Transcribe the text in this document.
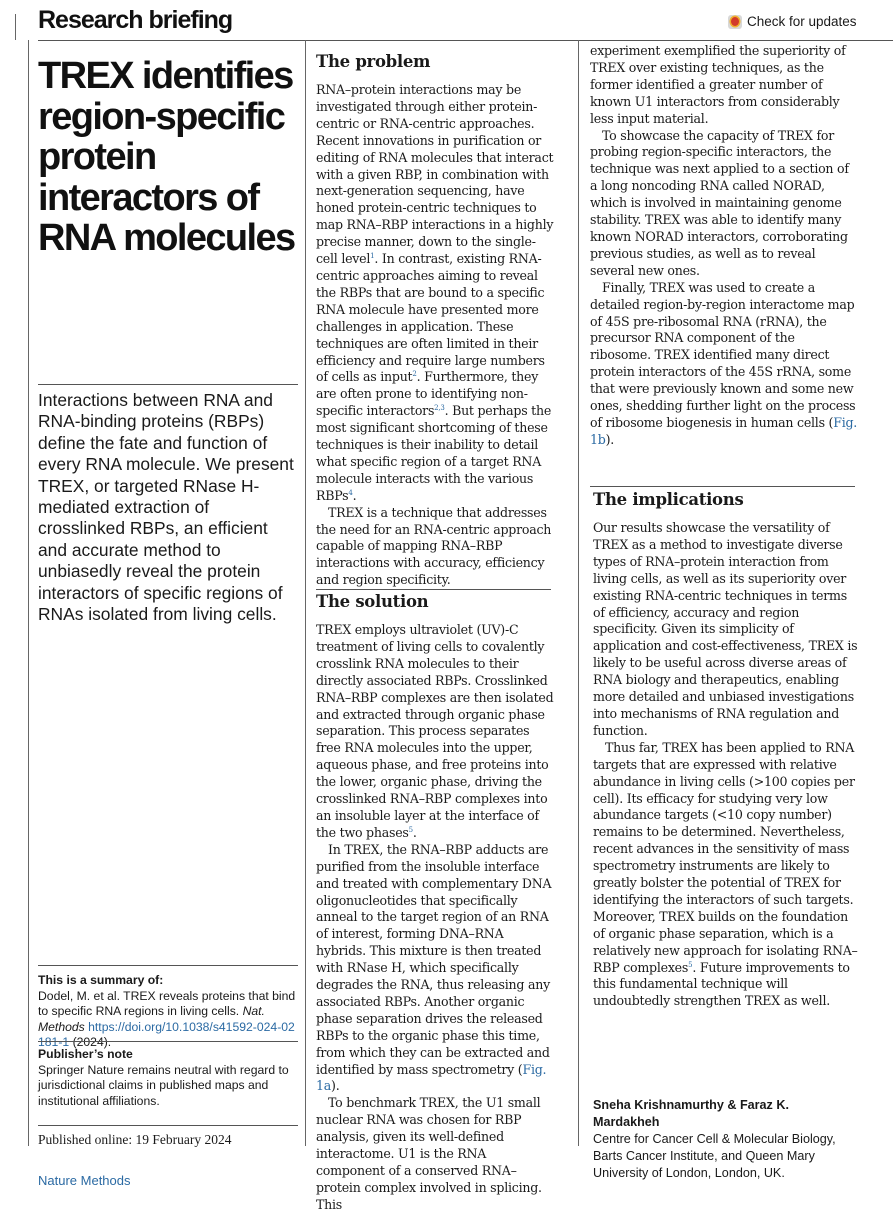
Research briefing	Check for updates
TREX identifies region-specific protein interactors of RNA molecules

Interactions between RNA and RNA-binding proteins (RBPs) define the fate and function of every RNA molecule. We present TREX, or targeted RNase H-mediated extraction of crosslinked RBPs, an efficient and accurate method to unbiasedly reveal the protein interactors of specific regions of RNAs isolated from living cells.

This is a summary of:
Dodel, M. et al. TREX reveals proteins that bind to specific RNA regions in living cells. Nat. Methods https://doi.org/10.1038/s41592-024-02181-1 (2024).
Publisher’s note
Springer Nature remains neutral with regard to jurisdictional claims in published maps and institutional affiliations.
Published online: 19 February 2024
Nature Methods
The problem

RNA–protein interactions may be investigated through either protein-centric or RNA-centric approaches. Recent innovations in purification or editing of RNA molecules that interact with a given RBP, in combination with next-generation sequencing, have honed protein-centric techniques to map RNA–RBP interactions in a highly precise manner, down to the single-cell level$^1$. In contrast, existing RNA-centric approaches aiming to reveal the RBPs that are bound to a specific RNA molecule have presented more challenges in application. These techniques are often limited in their efficiency and require large numbers of cells as input$^2$. Furthermore, they are often prone to identifying non-specific interactors$^{2,3}$. But perhaps the most significant shortcoming of these techniques is their inability to detail what specific region of a target RNA molecule interacts with the various RBPs$^4$.

TREX is a technique that addresses the need for an RNA-centric approach capable of mapping RNA–RBP interactions with accuracy, efficiency and region specificity.

The solution

TREX employs ultraviolet (UV)-C treatment of living cells to covalently crosslink RNA molecules to their directly associated RBPs. Crosslinked RNA–RBP complexes are then isolated and extracted through organic phase separation. This process separates free RNA molecules into the upper, aqueous phase, and free proteins into the lower, organic phase, driving the crosslinked RNA–RBP complexes into an insoluble layer at the interface of the two phases$^5$.

In TREX, the RNA–RBP adducts are purified from the insoluble interface and treated with complementary DNA oligonucleotides that specifically anneal to the target region of an RNA of interest, forming DNA–RNA hybrids. This mixture is then treated with RNase H, which specifically degrades the RNA, thus releasing any associated RBPs. Another organic phase separation drives the released RBPs to the organic phase this time, from which they can be extracted and identified by mass spectrometry (Fig. 1a).

To benchmark TREX, the U1 small nuclear RNA was chosen for RBP analysis, given its well-defined interactome. U1 is the RNA component of a conserved RNA–protein complex involved in splicing. This

experiment exemplified the superiority of TREX over existing techniques, as the former identified a greater number of known U1 interactors from considerably less input material.

To showcase the capacity of TREX for probing region-specific interactors, the technique was next applied to a section of a long noncoding RNA called NORAD, which is involved in maintaining genome stability. TREX was able to identify many known NORAD interactors, corroborating previous studies, as well as to reveal several new ones.

Finally, TREX was used to create a detailed region-by-region interactome map of 45S pre-ribosomal RNA (rRNA), the precursor RNA component of the ribosome. TREX identified many direct protein interactors of the 45S rRNA, some that were previously known and some new ones, shedding further light on the process of ribosome biogenesis in human cells (Fig. 1b).

The implications

Our results showcase the versatility of TREX as a method to investigate diverse types of RNA–protein interaction from living cells, as well as its superiority over existing RNA-centric techniques in terms of efficiency, accuracy and region specificity. Given its simplicity of application and cost-effectiveness, TREX is likely to be useful across diverse areas of RNA biology and therapeutics, enabling more detailed and unbiased investigations into mechanisms of RNA regulation and function.

Thus far, TREX has been applied to RNA targets that are expressed with relative abundance in living cells (>100 copies per cell). Its efficacy for studying very low abundance targets (<10 copy number) remains to be determined. Nevertheless, recent advances in the sensitivity of mass spectrometry instruments are likely to greatly bolster the potential of TREX for identifying the interactors of such targets. Moreover, TREX builds on the foundation of organic phase separation, which is a relatively new approach for isolating RNA–RBP complexes$^5$. Future improvements to this fundamental technique will undoubtedly strengthen TREX as well.

Sneha Krishnamurthy & Faraz K. Mardakheh
Centre for Cancer Cell & Molecular Biology, Barts Cancer Institute, and Queen Mary University of London, London, UK.
